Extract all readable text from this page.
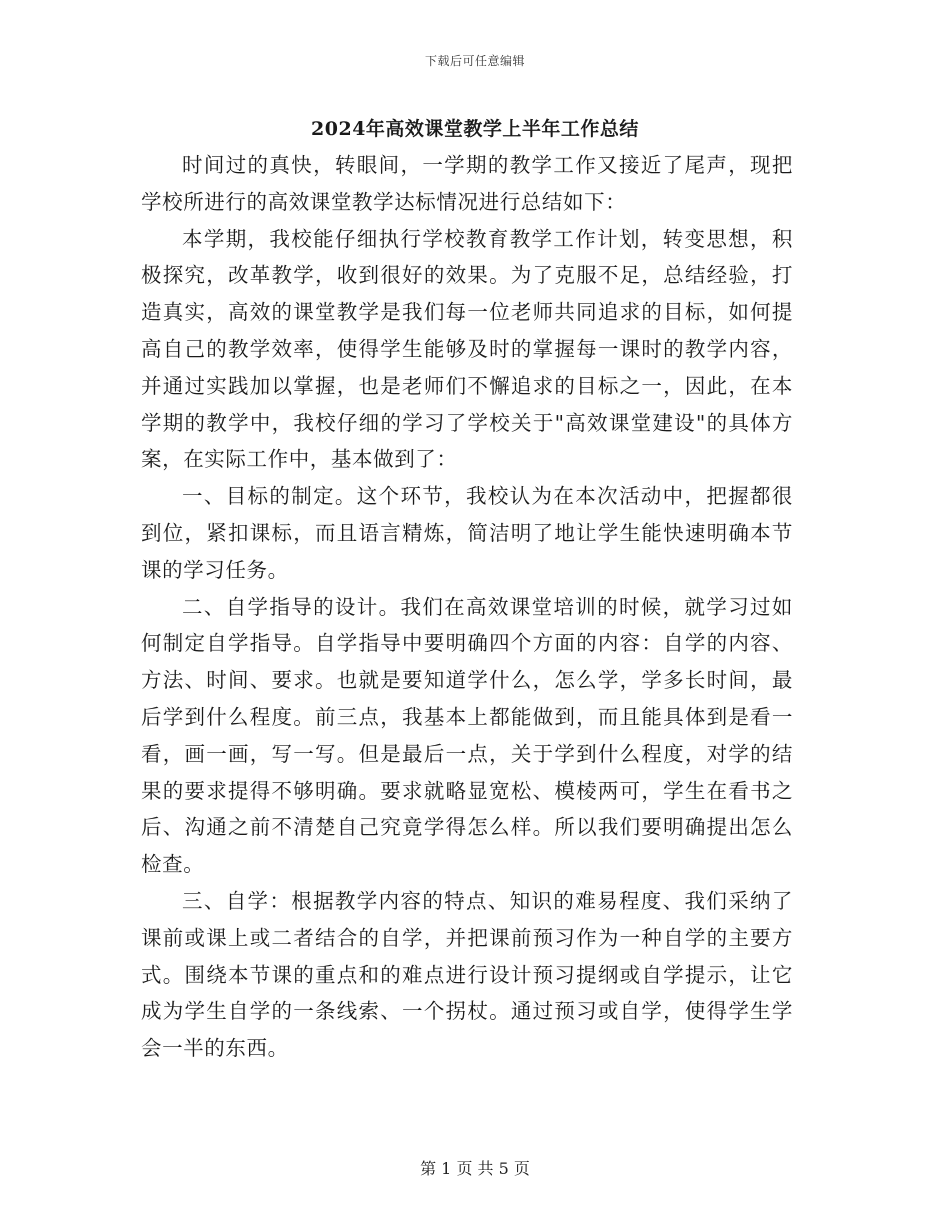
下载后可任意编辑
2024年高效课堂教学上半年工作总结

时间过的真快，转眼间，一学期的教学工作又接近了尾声，现把学校所进行的高效课堂教学达标情况进行总结如下：

本学期，我校能仔细执行学校教育教学工作计划，转变思想，积极探究，改革教学，收到很好的效果。为了克服不足，总结经验，打造真实，高效的课堂教学是我们每一位老师共同追求的目标，如何提高自己的教学效率，使得学生能够及时的掌握每一课时的教学内容，并通过实践加以掌握，也是老师们不懈追求的目标之一，因此，在本学期的教学中，我校仔细的学习了学校关于"高效课堂建设"的具体方案，在实际工作中，基本做到了：

一、目标的制定。这个环节，我校认为在本次活动中，把握都很到位，紧扣课标，而且语言精炼，简洁明了地让学生能快速明确本节课的学习任务。

二、自学指导的设计。我们在高效课堂培训的时候，就学习过如何制定自学指导。自学指导中要明确四个方面的内容：自学的内容、方法、时间、要求。也就是要知道学什么，怎么学，学多长时间，最后学到什么程度。前三点，我基本上都能做到，而且能具体到是看一看，画一画，写一写。但是最后一点，关于学到什么程度，对学的结果的要求提得不够明确。要求就略显宽松、模棱两可，学生在看书之后、沟通之前不清楚自己究竟学得怎么样。所以我们要明确提出怎么检查。

三、自学：根据教学内容的特点、知识的难易程度、我们采纳了课前或课上或二者结合的自学，并把课前预习作为一种自学的主要方式。围绕本节课的重点和的难点进行设计预习提纲或自学提示，让它成为学生自学的一条线索、一个拐杖。通过预习或自学，使得学生学会一半的东西。

第 1 页 共 5 页
